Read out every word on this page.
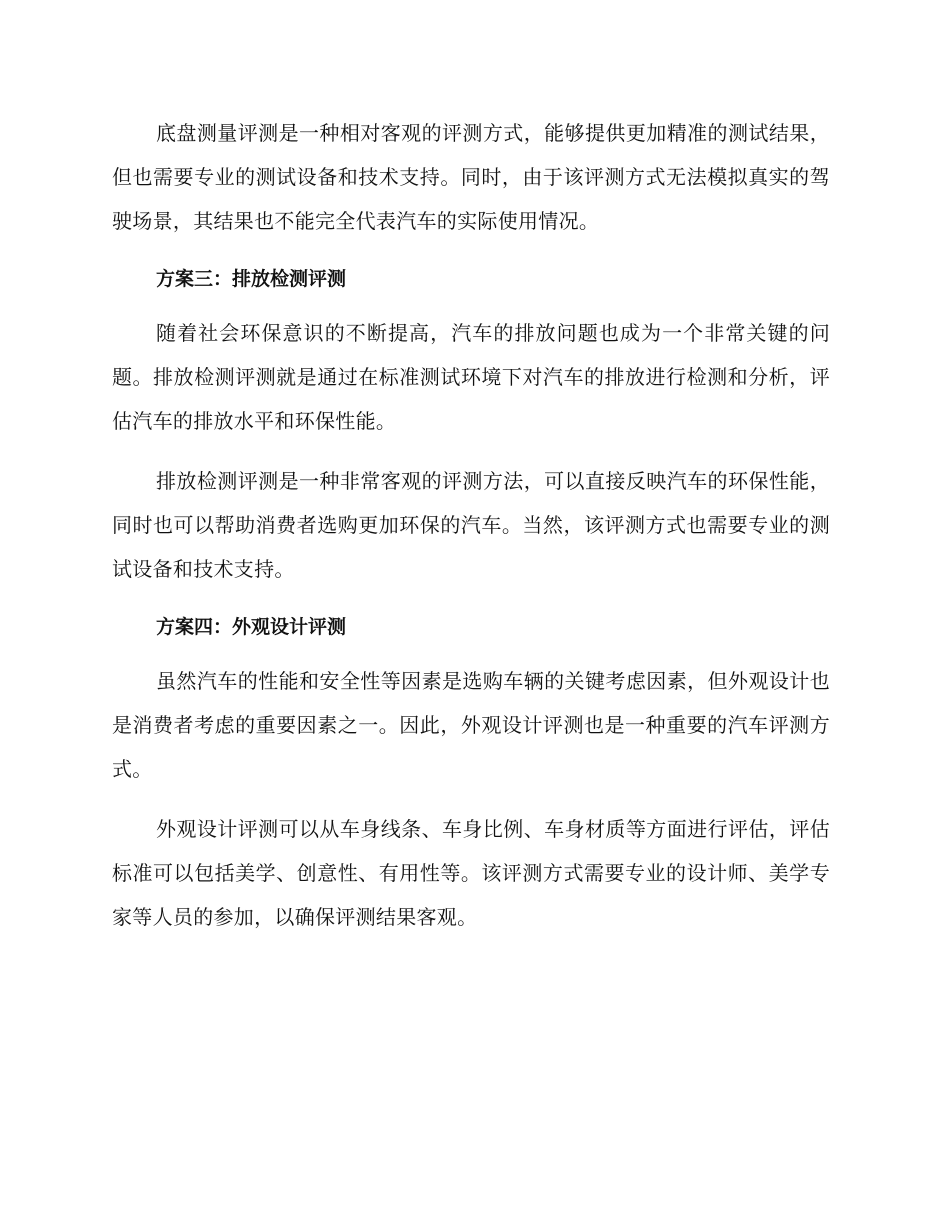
底盘测量评测是一种相对客观的评测方式，能够提供更加精准的测试结果，但也需要专业的测试设备和技术支持。同时，由于该评测方式无法模拟真实的驾驶场景，其结果也不能完全代表汽车的实际使用情况。

方案三：排放检测评测

随着社会环保意识的不断提高，汽车的排放问题也成为一个非常关键的问题。排放检测评测就是通过在标准测试环境下对汽车的排放进行检测和分析，评估汽车的排放水平和环保性能。

排放检测评测是一种非常客观的评测方法，可以直接反映汽车的环保性能，同时也可以帮助消费者选购更加环保的汽车。当然，该评测方式也需要专业的测试设备和技术支持。

方案四：外观设计评测

虽然汽车的性能和安全性等因素是选购车辆的关键考虑因素，但外观设计也是消费者考虑的重要因素之一。因此，外观设计评测也是一种重要的汽车评测方式。

外观设计评测可以从车身线条、车身比例、车身材质等方面进行评估，评估标准可以包括美学、创意性、有用性等。该评测方式需要专业的设计师、美学专家等人员的参加，以确保评测结果客观。
